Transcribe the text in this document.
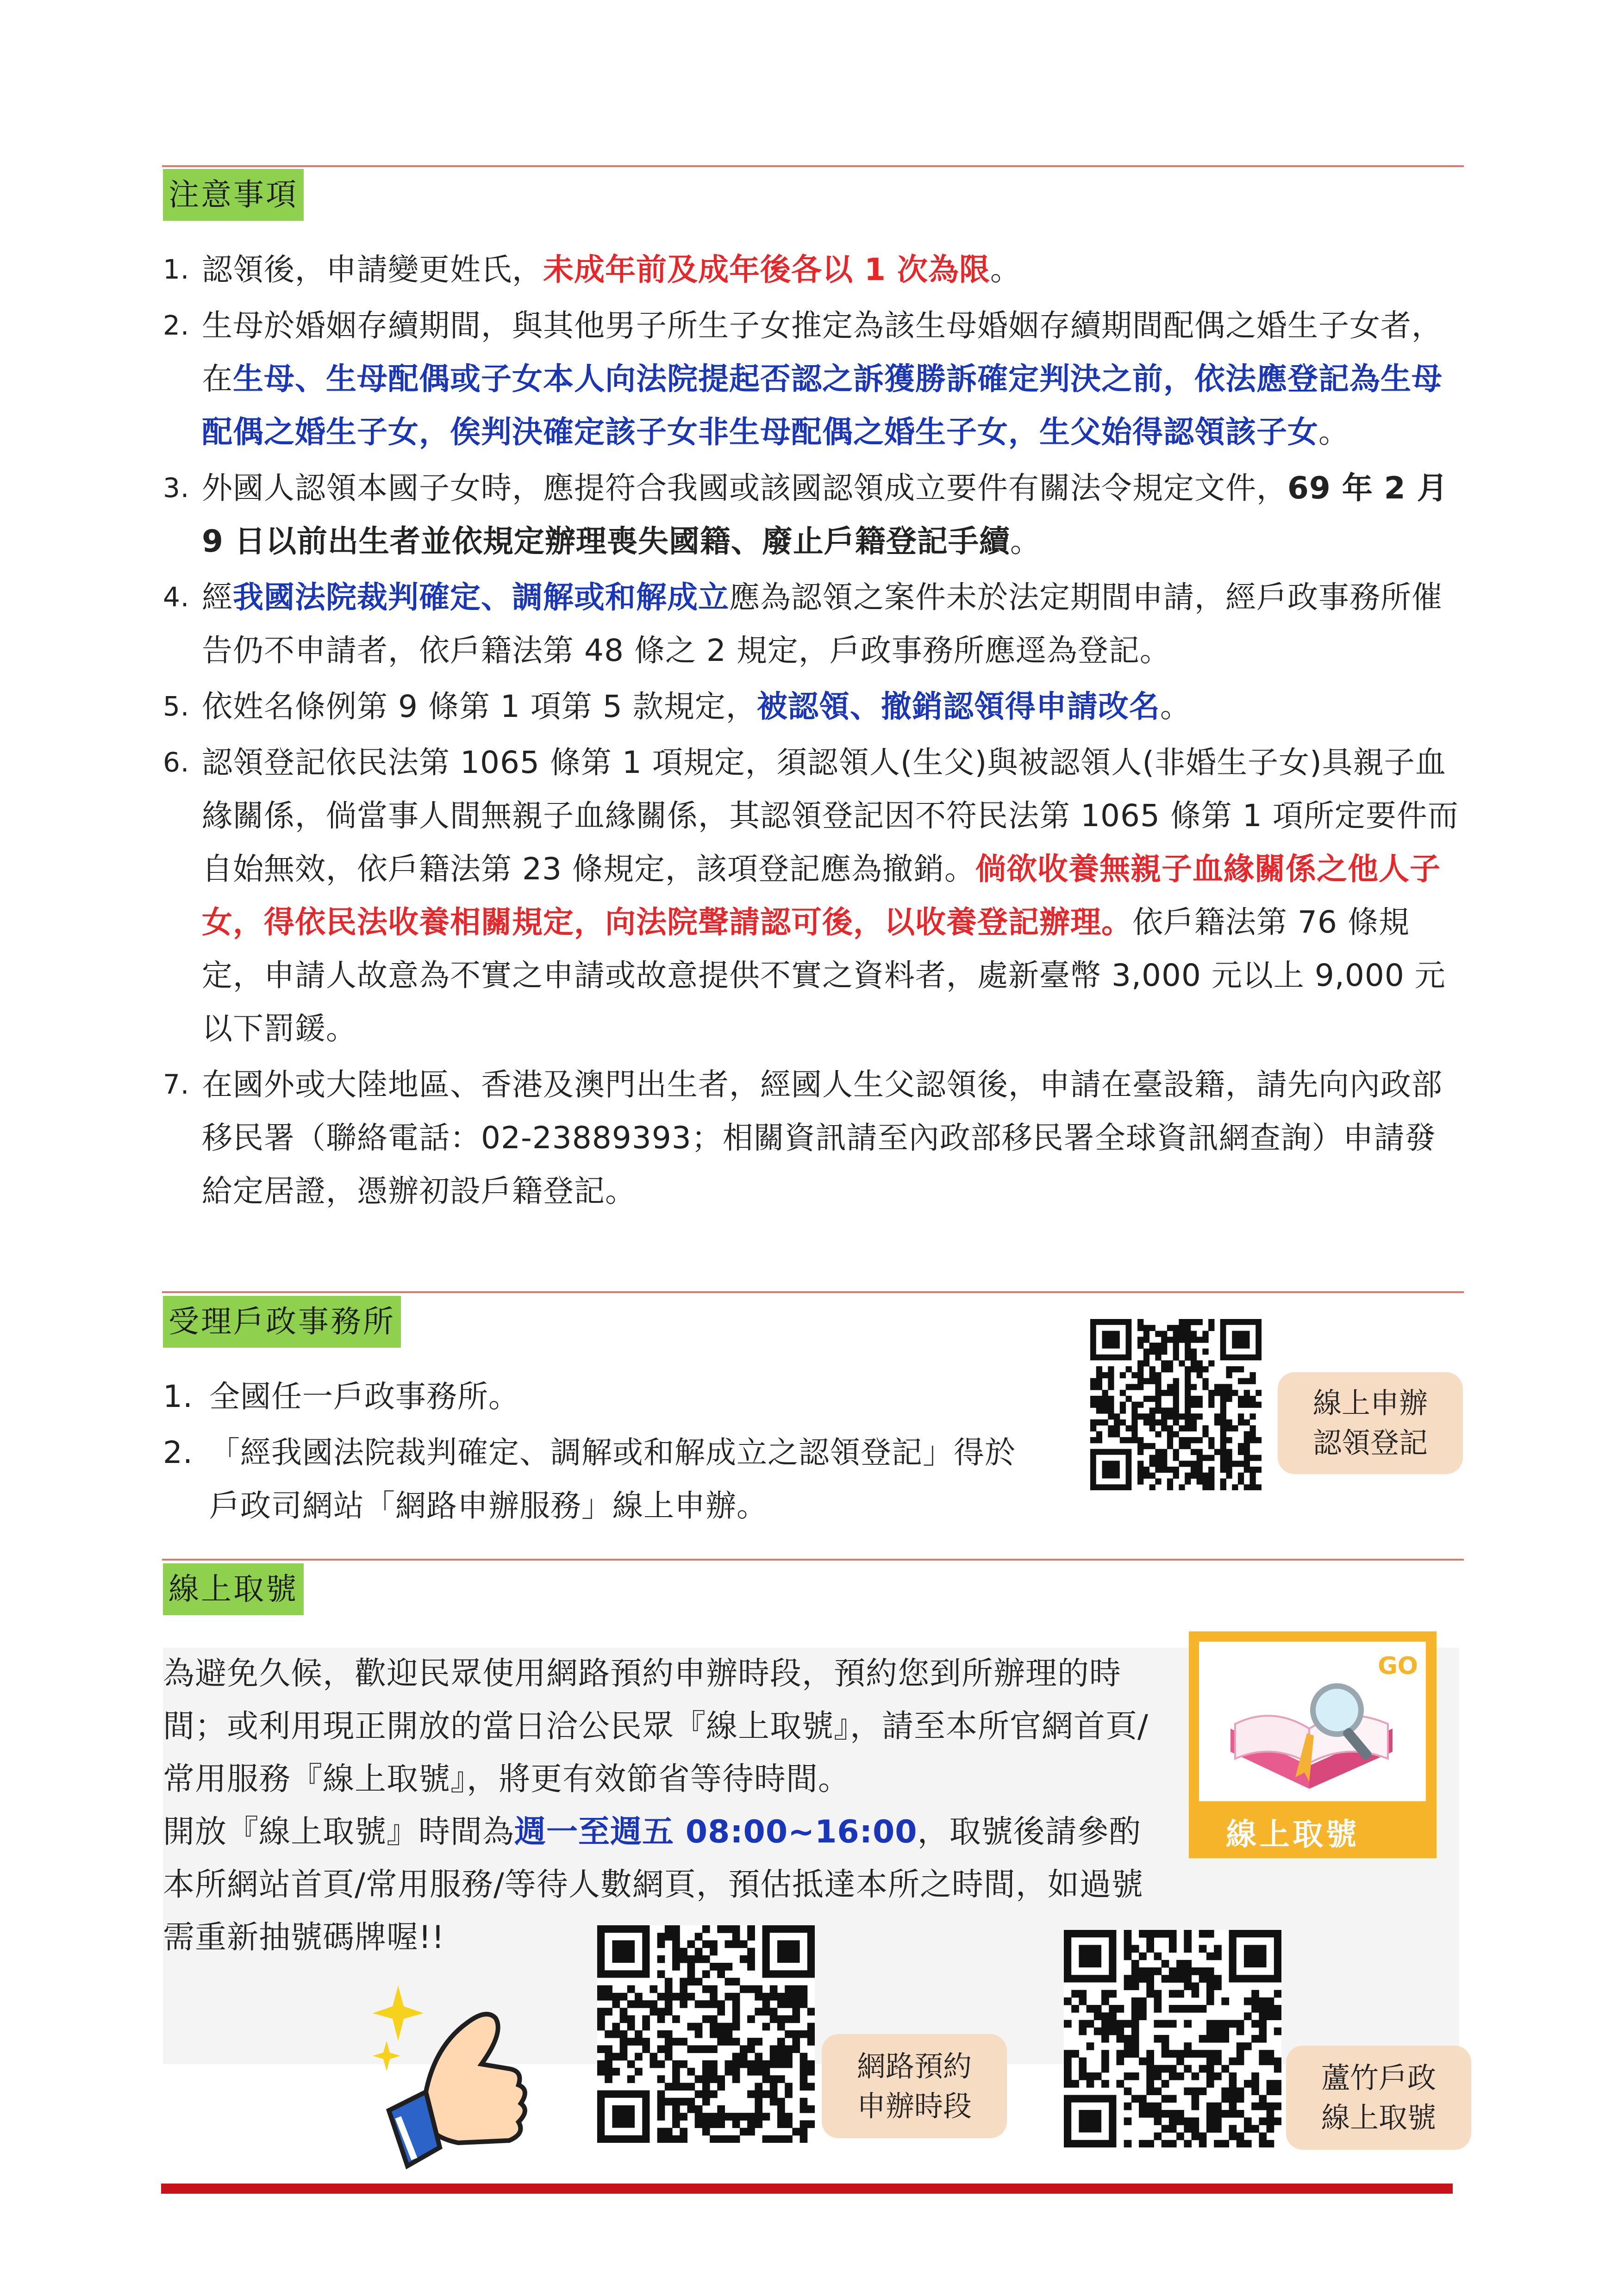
注意事項
1. 認領後，申請變更姓氏，未成年前及成年後各以 1 次為限。
2. 生母於婚姻存續期間，與其他男子所生子女推定為該生母婚姻存續期間配偶之婚生子女者，在生母、生母配偶或子女本人向法院提起否認之訴獲勝訴確定判決之前，依法應登記為生母配偶之婚生子女，俟判決確定該子女非生母配偶之婚生子女，生父始得認領該子女。
3. 外國人認領本國子女時，應提符合我國或該國認領成立要件有關法令規定文件，69 年 2 月 9 日以前出生者並依規定辦理喪失國籍、廢止戶籍登記手續。
4. 經我國法院裁判確定、調解或和解成立應為認領之案件未於法定期間申請，經戶政事務所催告仍不申請者，依戶籍法第 48 條之 2 規定，戶政事務所應逕為登記。
5. 依姓名條例第 9 條第 1 項第 5 款規定，被認領、撤銷認領得申請改名。
6. 認領登記依民法第 1065 條第 1 項規定，須認領人(生父)與被認領人(非婚生子女)具親子血緣關係，倘當事人間無親子血緣關係，其認領登記因不符民法第 1065 條第 1 項所定要件而自始無效，依戶籍法第 23 條規定，該項登記應為撤銷。倘欲收養無親子血緣關係之他人子女，得依民法收養相關規定，向法院聲請認可後，以收養登記辦理。依戶籍法第 76 條規定，申請人故意為不實之申請或故意提供不實之資料者，處新臺幣 3,000 元以上 9,000 元以下罰鍰。
7. 在國外或大陸地區、香港及澳門出生者，經國人生父認領後，申請在臺設籍，請先向內政部移民署（聯絡電話：02-23889393；相關資訊請至內政部移民署全球資訊網查詢）申請發給定居證，憑辦初設戶籍登記。
受理戶政事務所
1. 全國任一戶政事務所。
2. 「經我國法院裁判確定、調解或和解成立之認領登記」得於戶政司網站「網路申辦服務」線上申辦。
線上申辦
認領登記
線上取號
為避免久候，歡迎民眾使用網路預約申辦時段，預約您到所辦理的時間；或利用現正開放的當日洽公民眾『線上取號』，請至本所官網首頁/常用服務『線上取號』，將更有效節省等待時間。
開放『線上取號』時間為週一至週五 08:00~16:00，取號後請參酌本所網站首頁/常用服務/等待人數網頁，預估抵達本所之時間，如過號需重新抽號碼牌喔!!
GO
線上取號
網路預約
申辦時段
蘆竹戶政
線上取號
